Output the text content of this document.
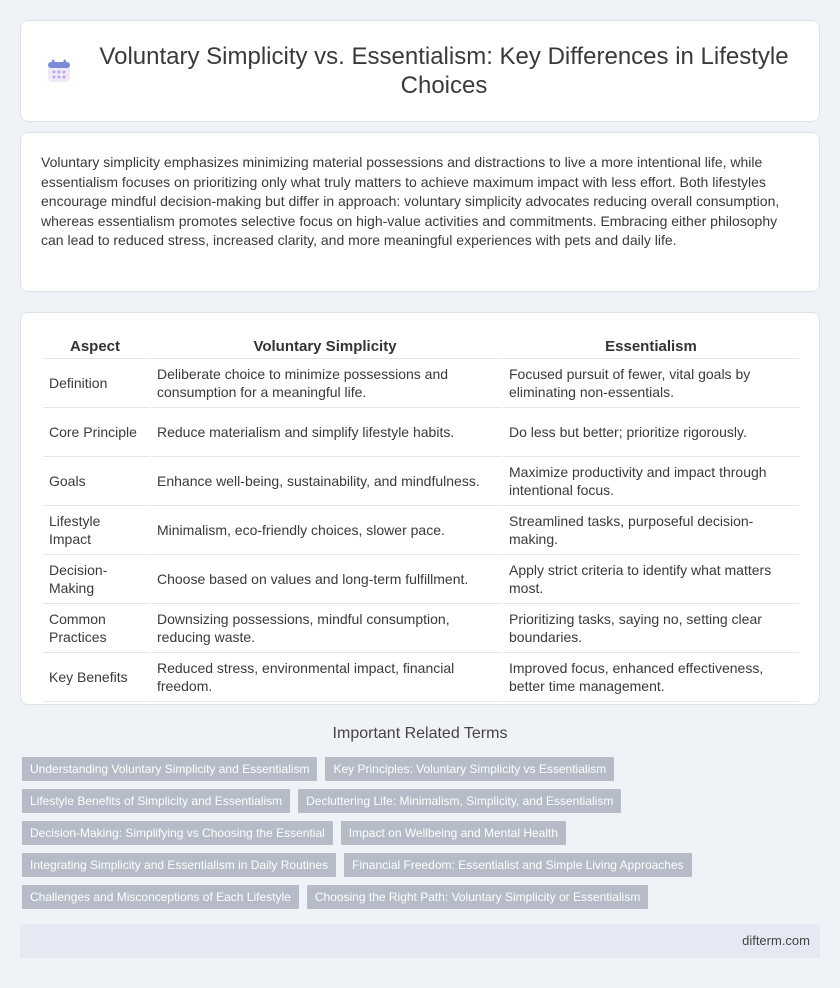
Voluntary Simplicity vs. Essentialism: Key Differences in Lifestyle Choices

Voluntary simplicity emphasizes minimizing material possessions and distractions to live a more intentional life, while essentialism focuses on prioritizing only what truly matters to achieve maximum impact with less effort. Both lifestyles encourage mindful decision-making but differ in approach: voluntary simplicity advocates reducing overall consumption, whereas essentialism promotes selective focus on high-value activities and commitments. Embracing either philosophy can lead to reduced stress, increased clarity, and more meaningful experiences with pets and daily life.

Aspect	Voluntary Simplicity	Essentialism
Definition	Deliberate choice to minimize possessions and consumption for a meaningful life.	Focused pursuit of fewer, vital goals by eliminating non-essentials.
Core Principle	Reduce materialism and simplify lifestyle habits.	Do less but better; prioritize rigorously.
Goals	Enhance well-being, sustainability, and mindfulness.	Maximize productivity and impact through intentional focus.
Lifestyle Impact	Minimalism, eco-friendly choices, slower pace.	Streamlined tasks, purposeful decision-making.
Decision-Making	Choose based on values and long-term fulfillment.	Apply strict criteria to identify what matters most.
Common Practices	Downsizing possessions, mindful consumption, reducing waste.	Prioritizing tasks, saying no, setting clear boundaries.
Key Benefits	Reduced stress, environmental impact, financial freedom.	Improved focus, enhanced effectiveness, better time management.
Important Related Terms
Understanding Voluntary Simplicity and Essentialism	Key Principles: Voluntary Simplicity vs Essentialism
Lifestyle Benefits of Simplicity and Essentialism	Decluttering Life: Minimalism, Simplicity, and Essentialism
Decision-Making: Simplifying vs Choosing the Essential	Impact on Wellbeing and Mental Health
Integrating Simplicity and Essentialism in Daily Routines	Financial Freedom: Essentialist and Simple Living Approaches
Challenges and Misconceptions of Each Lifestyle	Choosing the Right Path: Voluntary Simplicity or Essentialism
difterm.com
